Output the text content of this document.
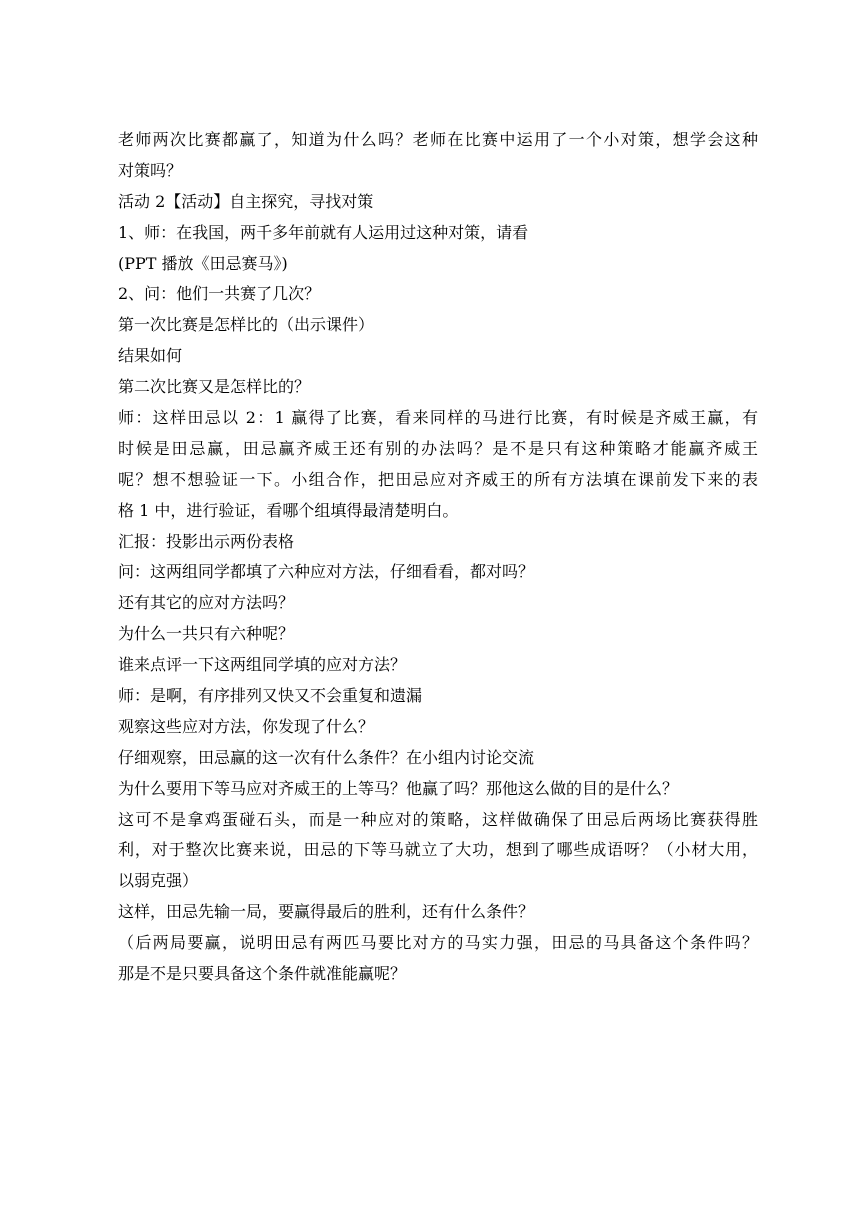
老师两次比赛都赢了，知道为什么吗？老师在比赛中运用了一个小对策，想学会这种
对策吗？
活动 2【活动】自主探究，寻找对策
1、师：在我国，两千多年前就有人运用过这种对策，请看
(PPT 播放《田忌赛马》)
2、问：他们一共赛了几次？
第一次比赛是怎样比的（出示课件）
结果如何
第二次比赛又是怎样比的？
师：这样田忌以 2：1 赢得了比赛，看来同样的马进行比赛，有时候是齐威王赢，有
时候是田忌赢，田忌赢齐威王还有别的办法吗？是不是只有这种策略才能赢齐威王
呢？想不想验证一下。小组合作，把田忌应对齐威王的所有方法填在课前发下来的表
格 1 中，进行验证，看哪个组填得最清楚明白。
汇报：投影出示两份表格
问：这两组同学都填了六种应对方法，仔细看看，都对吗？
还有其它的应对方法吗？
为什么一共只有六种呢？
谁来点评一下这两组同学填的应对方法？
师：是啊，有序排列又快又不会重复和遗漏
观察这些应对方法，你发现了什么？
仔细观察，田忌赢的这一次有什么条件？在小组内讨论交流
为什么要用下等马应对齐威王的上等马？他赢了吗？那他这么做的目的是什么？
这可不是拿鸡蛋碰石头，而是一种应对的策略，这样做确保了田忌后两场比赛获得胜
利，对于整次比赛来说，田忌的下等马就立了大功，想到了哪些成语呀？（小材大用，
以弱克强）
这样，田忌先输一局，要赢得最后的胜利，还有什么条件？
（后两局要赢，说明田忌有两匹马要比对方的马实力强，田忌的马具备这个条件吗？
那是不是只要具备这个条件就准能赢呢？
